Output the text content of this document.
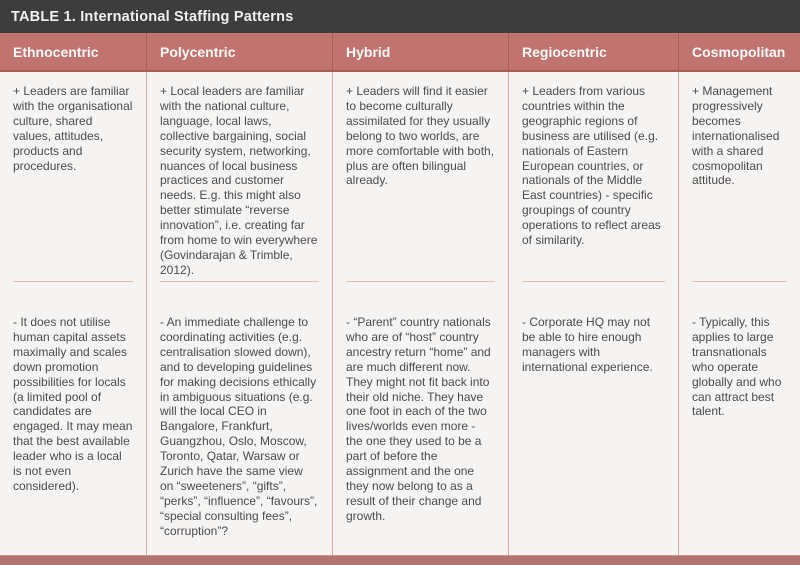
TABLE 1. International Staffing Patterns
Ethnocentric
+ Leaders are familiar with the organisational culture, shared values, attitudes, products and procedures.
- It does not utilise human capital assets maximally and scales down promotion possibilities for locals (a limited pool of candidates are engaged. It may mean that the best available leader who is a local is not even considered).
Polycentric
+ Local leaders are familiar with the national culture, language, local laws, collective bargaining, social security system, networking, nuances of local business practices and customer needs. E.g. this might also better stimulate “reverse innovation”, i.e. creating far from home to win everywhere (Govindarajan & Trimble, 2012).
- An immediate challenge to coordinating activities (e.g. centralisation slowed down), and to developing guidelines for making decisions ethically in ambiguous situations (e.g. will the local CEO in Bangalore, Frankfurt, Guangzhou, Oslo, Moscow, Toronto, Qatar, Warsaw or Zurich have the same view on “sweeteners”, “gifts”, “perks”, “influence”, “favours”, “special consulting fees”, “corruption”?
Hybrid
+ Leaders will find it easier to become culturally assimilated for they usually belong to two worlds, are more comfortable with both, plus are often bilingual already.
- “Parent” country nationals who are of “host” country ancestry return “home” and are much different now. They might not fit back into their old niche. They have one foot in each of the two lives/worlds even more - the one they used to be a part of before the assignment and the one they now belong to as a result of their change and growth.
Regiocentric
+ Leaders from various countries within the geographic regions of business are utilised (e.g. nationals of Eastern European countries, or nationals of the Middle East countries) - specific groupings of country operations to reflect areas of similarity.
- Corporate HQ may not be able to hire enough managers with international experience.
Cosmopolitan
+ Management progressively becomes internationalised with a shared cosmopolitan attitude.
- Typically, this applies to large transnationals who operate globally and who can attract best talent.
